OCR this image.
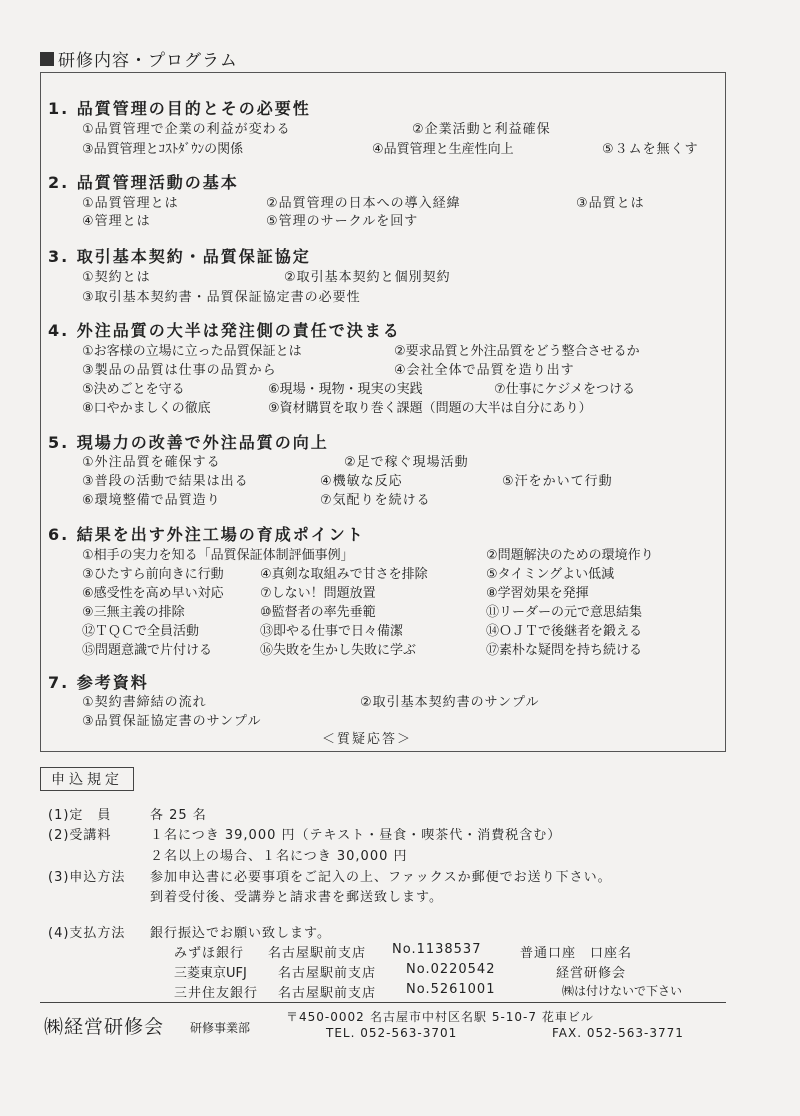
研修内容・プログラム
1. 品質管理の目的とその必要性
①品質管理で企業の利益が変わる	②企業活動と利益確保
③品質管理とｺｽﾄﾀﾞｳﾝの関係	④品質管理と生産性向上	⑤３ムを無くす
2. 品質管理活動の基本
①品質管理とは	②品質管理の日本への導入経緯	③品質とは
④管理とは	⑤管理のサークルを回す
3. 取引基本契約・品質保証協定
①契約とは	②取引基本契約と個別契約
③取引基本契約書・品質保証協定書の必要性
4. 外注品質の大半は発注側の責任で決まる
①お客様の立場に立った品質保証とは	②要求品質と外注品質をどう整合させるか
③製品の品質は仕事の品質から	④会社全体で品質を造り出す
⑤決めごとを守る	⑥現場・現物・現実の実践	⑦仕事にケジメをつける
⑧口やかましくの徹底	⑨資材購買を取り巻く課題（問題の大半は自分にあり）
5. 現場力の改善で外注品質の向上
①外注品質を確保する	②足で稼ぐ現場活動
③普段の活動で結果は出る	④機敏な反応	⑤汗をかいて行動
⑥環境整備で品質造り	⑦気配りを続ける
6. 結果を出す外注工場の育成ポイント
①相手の実力を知る「品質保証体制評価事例」	②問題解決のための環境作り
③ひたすら前向きに行動	④真剣な取組みで甘さを排除	⑤タイミングよい低減
⑥感受性を高め早い対応	⑦しない！問題放置	⑧学習効果を発揮
⑨三無主義の排除	⑩監督者の率先垂範	⑪リーダーの元で意思結集
⑫ＴＱＣで全員活動	⑬即やる仕事で日々備潔	⑭ＯＪＴで後継者を鍛える
⑮問題意識で片付ける	⑯失敗を生かし失敗に学ぶ	⑰素朴な疑問を持ち続ける
7. 参考資料
①契約書締結の流れ	②取引基本契約書のサンプル
③品質保証協定書のサンプル
＜質疑応答＞
申込規定
(1)定　員	各 25 名
(2)受講料	１名につき 39,000 円（テキスト・昼食・喫茶代・消費税含む）
２名以上の場合、１名につき 30,000 円
(3)申込方法 参加申込書に必要事項をご記入の上、ファックスか郵便でお送り下さい。
到着受付後、受講券と請求書を郵送致します。
(4)支払方法 銀行振込でお願い致します。
みずほ銀行 名古屋駅前支店 No.1138537	普通口座　口座名
三菱東京UFJ 名古屋駅前支店 No.0220542	経営研修会
三井住友銀行 名古屋駅前支店 No.5261001	㈱は付けないで下さい
㈱経営研修会 研修事業部
〒450-0002 名古屋市中村区名駅 5-10-7 花車ビル
TEL. 052-563-3701	FAX. 052-563-3771
